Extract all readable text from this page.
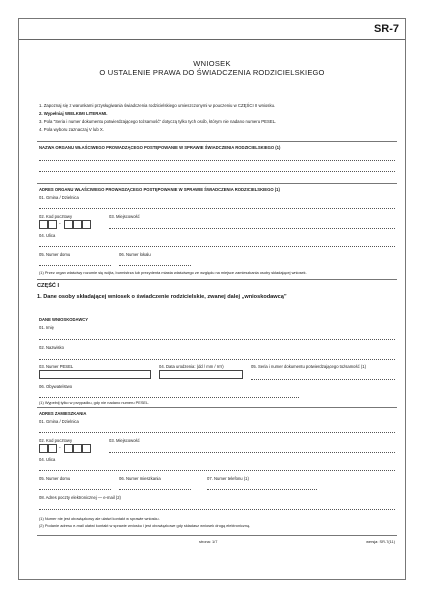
SR-7
WNIOSEK
O USTALENIE PRAWA DO ŚWIADCZENIA RODZICIELSKIEGO
1. Zapoznaj się z warunkami przysługiwania świadczenia rodzicielskiego umieszczonymi w pouczeniu w CZĘŚCI II wniosku.
2. Wypełniaj WIELKIMI LITERAMI.
3. Pola "Seria i numer dokumentu potwierdzającego tożsamość" dotyczą tylko tych osób, którym nie nadano numeru PESEL.
4. Pola wyboru zaznaczaj V lub X.
NAZWA ORGANU WŁAŚCIWEGO PROWADZĄCEGO POSTĘPOWANIE W SPRAWIE ŚWIADCZENIA RODZICIELSKIEGO (1)
ADRES ORGANU WŁAŚCIWEGO PROWADZĄCEGO POSTĘPOWANIE W SPRAWIE ŚWIADCZENIA RODZICIELSKIEGO (1)
01. Gmina / Dzielnica
02. Kod pocztowy
-
03. Miejscowość
04. Ulica
05. Numer domu	06. Numer lokalu
(1) Przez organ właściwy rozumie się wójta, burmistrza lub prezydenta miasta właściwego ze względu na miejsce zamieszkania osoby składającej wniosek.
CZĘŚĆ I
1. Dane osoby składającej wniosek o świadczenie rodzicielskie, zwanej dalej „wnioskodawcą”
DANE WNIOSKODAWCY
01. Imię
02. Nazwisko
03. Numer PESEL	04. Data urodzenia: (dd / mm / rrrr)	05. Seria i numer dokumentu potwierdzającego tożsamość (1)
06. Obywatelstwo
(1) Wypełnij tylko w przypadku, gdy nie nadano numeru PESEL.
ADRES ZAMIESZKANIA
01. Gmina / Dzielnica
02. Kod pocztowy
-
03. Miejscowość
04. Ulica
05. Numer domu	06. Numer mieszkania	07. Numer telefonu (1)
08. Adres poczty elektronicznej — e-mail (2)
(1) Numer nie jest obowiązkowy ale ułatwi kontakt w sprawie wniosku.
(2) Podanie adresu e-mail ułatwi kontakt w sprawie wniosku i jest obowiązkowe gdy składasz wniosek drogą elektroniczną.
strona: 1/7	wersja: SR-7(11)
